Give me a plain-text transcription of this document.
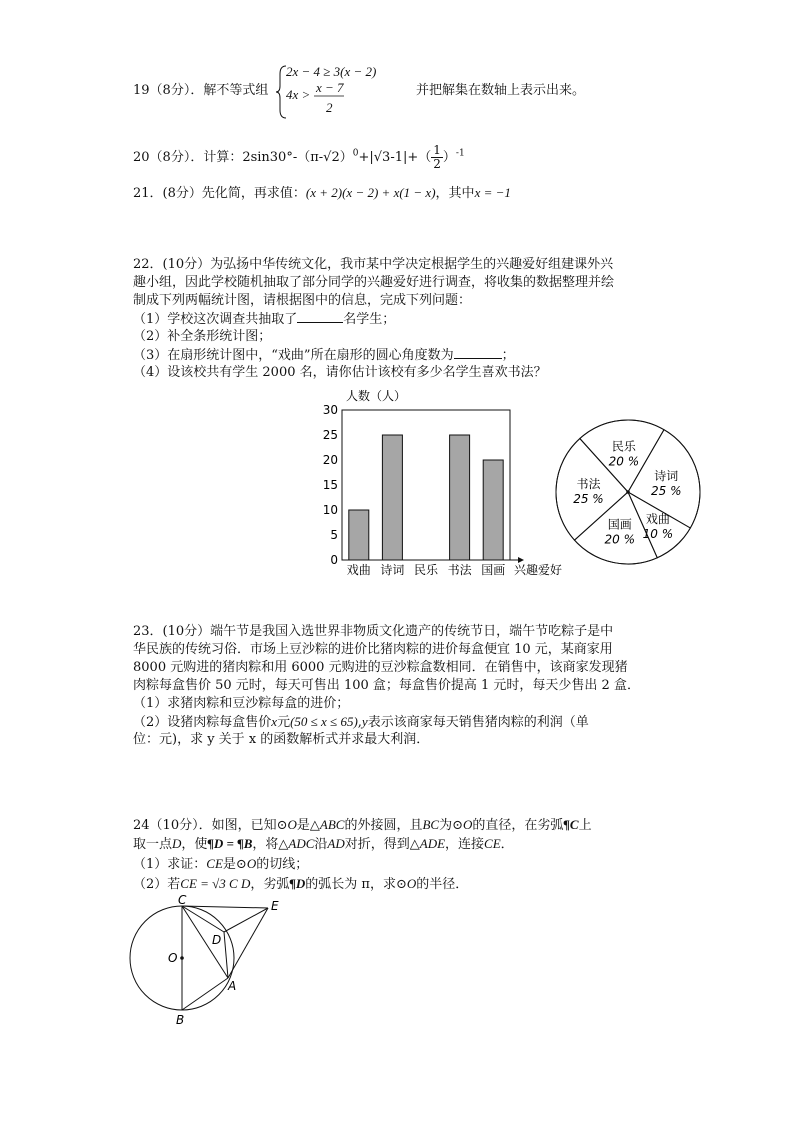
19（8分）．解不等式组
2x − 4 ≥ 3(x − 2)
4x > x − 7
2
并把解集在数轴上表示出来。
20（8分）．计算：$2\sin 30^\circ-(\pi-√2)^0+|√3-1|+( \frac{1}{2} )^{-1}$
21．(8分）先化简，再求值：(x + 2)(x − 2) + x(1 − x)，其中x = −1
22．(10分）为弘扬中华传统文化，我市某中学决定根据学生的兴趣爱好组建课外兴
趣小组，因此学校随机抽取了部分同学的兴趣爱好进行调查，将收集的数据整理并绘
制成下列两幅统计图，请根据图中的信息，完成下列问题：
（1）学校这次调查共抽取了	名学生；
（2）补全条形统计图；
（3）在扇形统计图中，“戏曲”所在扇形的圆心角度数为	；
（4）设该校共有学生 2000 名，请你估计该校有多少名学生喜欢书法？
人数（人）
兴趣爱好
0
5
10
15
20
25
30
戏曲 诗词 民乐 书法 国画
民乐
20 %
诗词
25 %
戏曲
10 %
国画
20 %
书法
25 %
23．(10分）端午节是我国入选世界非物质文化遗产的传统节日，端午节吃粽子是中
华民族的传统习俗．市场上豆沙粽的进价比猪肉粽的进价每盒便宜 10 元，某商家用
8000 元购进的猪肉粽和用 6000 元购进的豆沙粽盒数相同．在销售中，该商家发现猪
肉粽每盒售价 50 元时，每天可售出 100 盒；每盒售价提高 1 元时，每天少售出 2 盒．
（1）求猪肉粽和豆沙粽每盒的进价；
（2）设猪肉粽每盒售价x元(50 ≤ x ≤ 65),y表示该商家每天销售猪肉粽的利润（单
位：元)，求 y 关于 x 的函数解析式并求最大利润．
24（10分）．如图，已知⊙O是△ABC的外接圆，且BC为⊙O的直径，在劣弧¶C上
取一点D，使¶D = ¶B，将△ADC沿AD对折，得到△ADE，连接CE．
（1）求证：CE是⊙O的切线；
（2）若CE = √3 C D，劣弧¶D的弧长为 π，求⊙O的半径．
C	E
D
O
A
B
